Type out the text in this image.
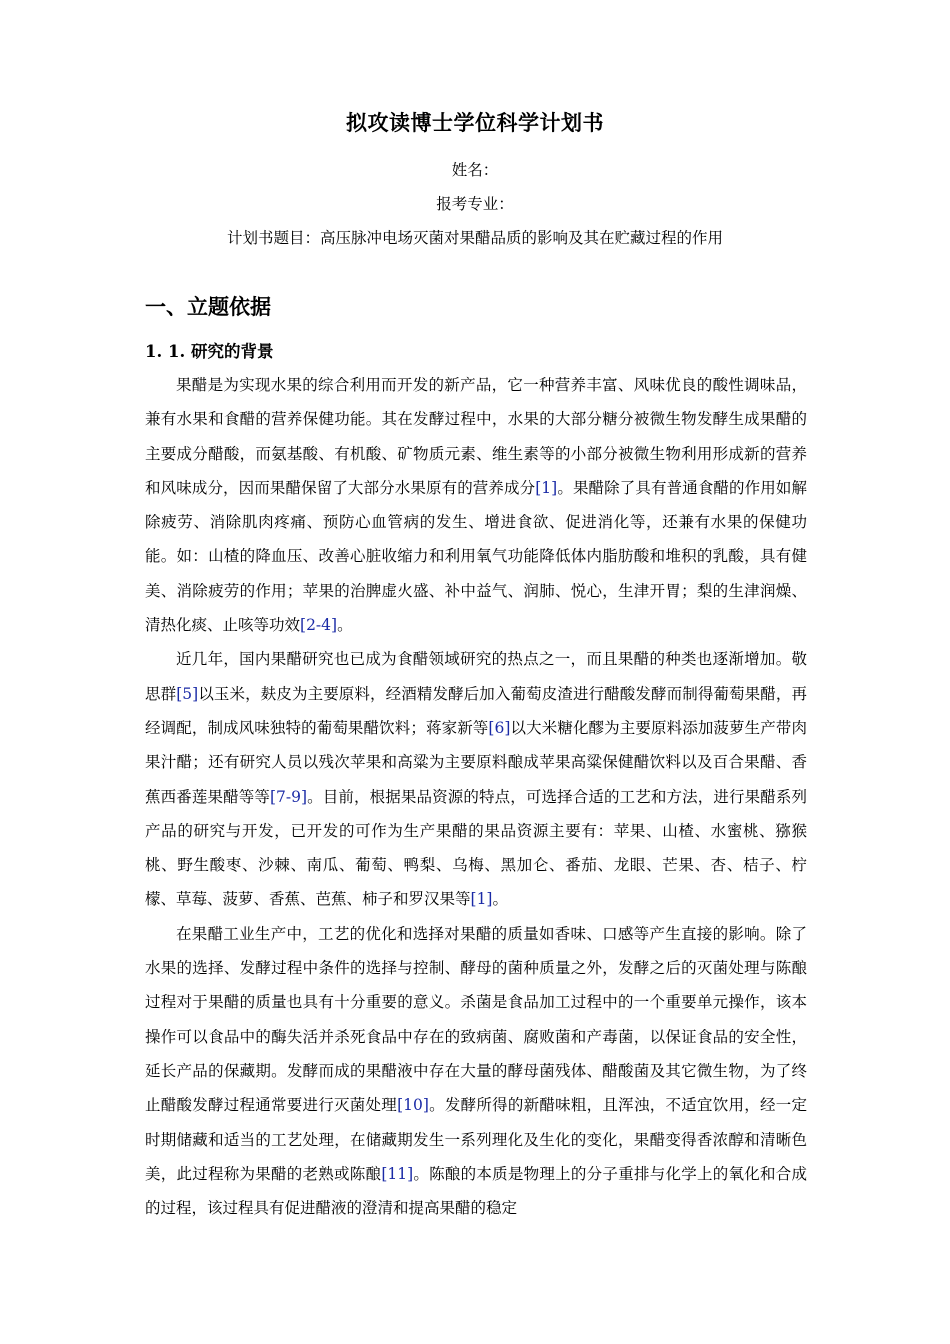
拟攻读博士学位科学计划书
姓名：
报考专业：
计划书题目：高压脉冲电场灭菌对果醋品质的影响及其在贮藏过程的作用
一、立题依据
1. 1. 研究的背景

果醋是为实现水果的综合利用而开发的新产品，它一种营养丰富、风味优良的酸性调味品，兼有水果和食醋的营养保健功能。其在发酵过程中，水果的大部分糖分被微生物发酵生成果醋的主要成分醋酸，而氨基酸、有机酸、矿物质元素、维生素等的小部分被微生物利用形成新的营养和风味成分，因而果醋保留了大部分水果原有的营养成分[1]。果醋除了具有普通食醋的作用如解除疲劳、消除肌肉疼痛、预防心血管病的发生、增进食欲、促进消化等，还兼有水果的保健功能。如：山楂的降血压、改善心脏收缩力和利用氧气功能降低体内脂肪酸和堆积的乳酸，具有健美、消除疲劳的作用；苹果的治脾虚火盛、补中益气、润肺、悦心，生津开胃；梨的生津润燥、清热化痰、止咳等功效[2-4]。

近几年，国内果醋研究也已成为食醋领域研究的热点之一，而且果醋的种类也逐渐增加。敬思群[5]以玉米，麸皮为主要原料，经酒精发酵后加入葡萄皮渣进行醋酸发酵而制得葡萄果醋，再经调配，制成风味独特的葡萄果醋饮料；蒋家新等[6]以大米糖化醪为主要原料添加菠萝生产带肉果汁醋；还有研究人员以残次苹果和高粱为主要原料酿成苹果高粱保健醋饮料以及百合果醋、香蕉西番莲果醋等等[7-9]。目前，根据果品资源的特点，可选择合适的工艺和方法，进行果醋系列产品的研究与开发，已开发的可作为生产果醋的果品资源主要有：苹果、山楂、水蜜桃、猕猴桃、野生酸枣、沙棘、南瓜、葡萄、鸭梨、乌梅、黑加仑、番茄、龙眼、芒果、杏、桔子、柠檬、草莓、菠萝、香蕉、芭蕉、柿子和罗汉果等[1]。

在果醋工业生产中，工艺的优化和选择对果醋的质量如香味、口感等产生直接的影响。除了水果的选择、发酵过程中条件的选择与控制、酵母的菌种质量之外，发酵之后的灭菌处理与陈酿过程对于果醋的质量也具有十分重要的意义。杀菌是食品加工过程中的一个重要单元操作，该本操作可以食品中的酶失活并杀死食品中存在的致病菌、腐败菌和产毒菌，以保证食品的安全性，延长产品的保藏期。发酵而成的果醋液中存在大量的酵母菌残体、醋酸菌及其它微生物，为了终止醋酸发酵过程通常要进行灭菌处理[10]。发酵所得的新醋味粗，且浑浊，不适宜饮用，经一定时期储藏和适当的工艺处理，在储藏期发生一系列理化及生化的变化，果醋变得香浓醇和清晰色美，此过程称为果醋的老熟或陈酿[11]。陈酿的本质是物理上的分子重排与化学上的氧化和合成的过程，该过程具有促进醋液的澄清和提高果醋的稳定
